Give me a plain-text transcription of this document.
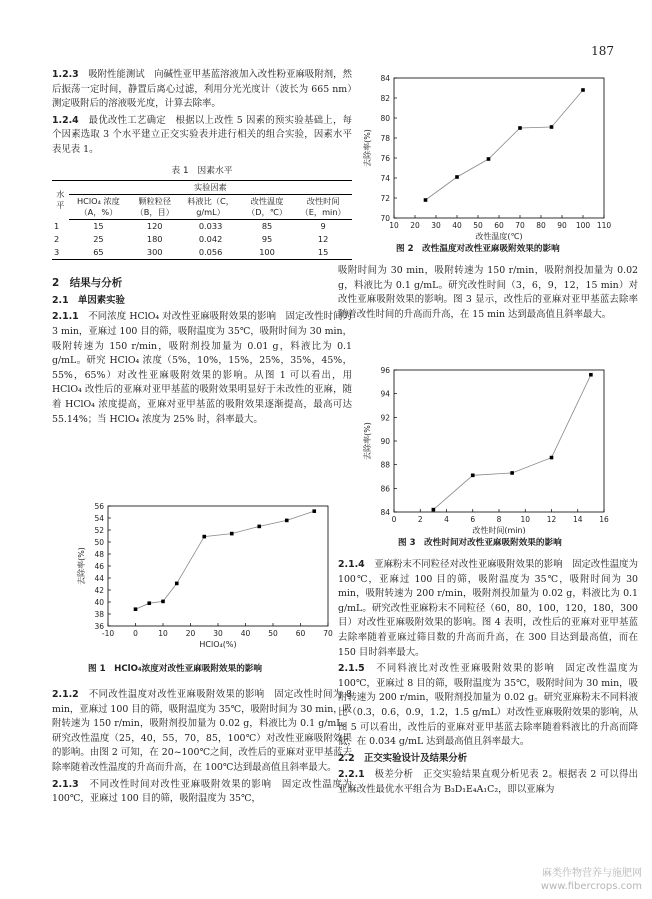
187

1.2.3　 吸附性能测试　向碱性亚甲基蓝溶液加入改性粉亚麻吸附剂，然后振荡一定时间，静置后离心过滤，利用分光光度计（波长为 665 nm）测定吸附后的溶液吸光度，计算去除率。

1.2.4　 最优改性工艺确定　根据以上改性 5 因素的预实验基础上，每个因素选取 3 个水平建立正交实验表并进行相关的组合实验，因素水平表见表 1。

表 1　因素水平
水平	实验因素				
	HClO₄ 浓度（A，%）	颗粒粒径（B，目）	料液比（C，g/mL）	改性温度（D，℃）	改性时间（E，min）
1	15	120	0.033	85	9
2	25	180	0.042	95	12
3	65	300	0.056	100	15
2　结果与分析
2.1　单因素实验

2.1.1　 不同浓度 HClO₄ 对改性亚麻吸附效果的影响　固定改性时间为 3 min，亚麻过 100 目的筛，吸附温度为 35℃，吸附时间为 30 min，吸附转速为 150 r/min，吸附剂投加量为 0.01 g，料液比为 0.1 g/mL。研究 HClO₄ 浓度（5%，10%，15%，25%，35%，45%，55%，65%）对改性亚麻吸附效果的影响。从图 1 可以看出，用 HClO₄ 改性后的亚麻对亚甲基蓝的吸附效果明显好于未改性的亚麻，随着 HClO₄ 浓度提高，亚麻对亚甲基蓝的吸附效果逐渐提高，最高可达 55.14%；当 HClO₄ 浓度为 25% 时，斜率最大。

36
38
40
42
44
46
48
50
52
54
56
-10	0	10 20 30 40 50 60 70
HClO₄(%)
去除率(%)
图 1　HClO₄浓度对改性亚麻吸附效果的影响

2.1.2　 不同改性温度对改性亚麻吸附效果的影响　固定改性时间为 8 min，亚麻过 100 目的筛，吸附温度为 35℃，吸附时间为 30 min，吸附转速为 150 r/min，吸附剂投加量为 0.02 g，料液比为 0.1 g/mL。研究改性温度（25，40，55，70，85，100℃）对改性亚麻吸附效果的影响。由图 2 可知，在 20~100℃之间，改性后的亚麻对亚甲基蓝去除率随着改性温度的升高而升高，在 100℃达到最高值且斜率最大。

2.1.3　 不同改性时间对改性亚麻吸附效果的影响　固定改性温度为 100℃，亚麻过 100 目的筛，吸附温度为 35℃，

70
72
74
76
78
80
82
84
10 20 30 40 50 60 70 80 90 100 110
改性温度(℃)
去除率(%)
图 2　改性温度对改性亚麻吸附效果的影响

吸附时间为 30 min，吸附转速为 150 r/min，吸附剂投加量为 0.02 g，料液比为 0.1 g/mL。研究改性时间（3，6，9，12，15 min）对改性亚麻吸附效果的影响。图 3 显示，改性后的亚麻对亚甲基蓝去除率随着改性时间的升高而升高，在 15 min 达到最高值且斜率最大。

84
86
88
90
92
94
96
0	2	4	6	8	10 12 14 16
改性时间(min)
去除率(%)
图 3　改性时间对改性亚麻吸附效果的影响

2.1.4　 亚麻粉末不同粒径对改性亚麻吸附效果的影响　固定改性温度为 100℃，亚麻过 100 目的筛，吸附温度为 35℃，吸附时间为 30 min，吸附转速为 200 r/min，吸附剂投加量为 0.02 g，料液比为 0.1 g/mL。研究改性亚麻粉末不同粒径（60，80，100，120，180，300 目）对改性亚麻吸附效果的影响。图 4 表明，改性后的亚麻对亚甲基蓝去除率随着亚麻过筛目数的升高而升高，在 300 目达到最高值，而在 150 目时斜率最大。

2.1.5　 不同料液比对改性亚麻吸附效果的影响　固定改性温度为 100℃，亚麻过 8 目的筛，吸附温度为 35℃，吸附时间为 30 min，吸附转速为 200 r/min，吸附剂投加量为 0.02 g。研究亚麻粉末不同料液比（0.3，0.6，0.9，1.2，1.5 g/mL）对改性亚麻吸附效果的影响，从图 5 可以看出，改性后的亚麻对亚甲基蓝去除率随着料液比的升高而降低，在 0.034 g/mL 达到最高值且斜率最大。

2.2　正交实验设计及结果分析

2.2.1　 极差分析　正交实验结果直观分析见表 2。根据表 2 可以得出亚麻改性最优水平组合为 B₃D₁E₄A₁C₂，即以亚麻为

麻类作物营养与施肥网
www.fibercrops.com
